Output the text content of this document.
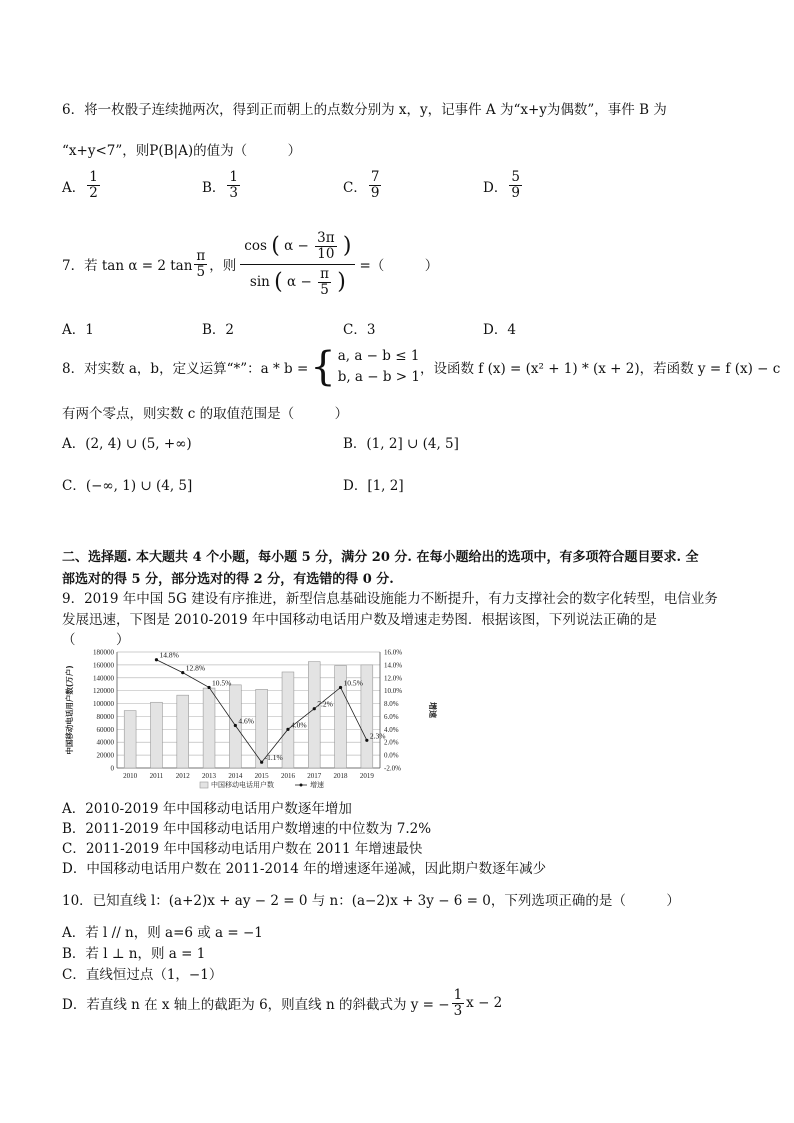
6．将一枚骰子连续抛两次，得到正而朝上的点数分别为 x，y，记事件 A 为“x+y为偶数”，事件 B 为
“x+y<7”，则P(B|A)的值为（　　　）
A． $\frac{1}{2}$	B． $\frac{1}{3}$	C． $\frac{7}{9}$	D． $\frac{5}{9}$
7．若 tan α = 2 $\tan \frac{\pi}{5}$ ，则
cos ( $\alpha - \frac{3\pi}{10}$ )
sin ( $\alpha - \frac{\pi}{5}$ )
=（　　　）
A．1	B．2	C．3	D．4
8．对实数 a，b，定义运算“*”：a * b = { a, a − b ≤ 1
b, a − b > 1 ，设函数 f (x) = (x² + 1) * (x + 2)，若函数 y = f (x) − c
有两个零点，则实数 c 的取值范围是（　　　）
A．(2, 4) ∪ (5, +∞)	B．(1, 2] ∪ (4, 5]
C．(−∞, 1) ∪ (4, 5]	D．[1, 2]
二、选择题. 本大题共 4 个小题，每小题 5 分，满分 20 分. 在每小题给出的选项中，有多项符合题目要求. 全
部选对的得 5 分，部分选对的得 2 分，有选错的得 0 分.
9．2019 年中国 5G 建设有序推进，新型信息基础设施能力不断提升，有力支撑社会的数字化转型，电信业务
发展迅速，下图是 2010-2019 年中国移动电话用户数及增速走势图．根据该图，下列说法正确的是
（　　　）
0
20000
40000
60000
80000
100000
120000
140000
160000
180000
-2.0%
0.0%
2.0%
4.0%
6.0%
8.0%
10.0%
12.0%
14.0%
16.0%
2010 2011 2012 2013 2014 2015 2016 2017 2018 2019
14.8%
12.8%
10.5%
4.6%
-1.1%
4.0%
7.2%
10.5%
2.3%
中国移动电话用户数(万户)	增速
中国移动电话用户数	增速
A．2010-2019 年中国移动电话用户数逐年增加
B．2011-2019 年中国移动电话用户数增速的中位数为 7.2%
C．2011-2019 年中国移动电话用户数在 2011 年增速最快
D．中国移动电话用户数在 2011-2014 年的增速逐年递减，因此期户数逐年减少
10．已知直线 l：(a+2)x + ay − 2 = 0 与 n：(a−2)x + 3y − 6 = 0，下列选项正确的是（　　　）
A．若 l // n，则 a=6 或 a = −1
B．若 l ⊥ n，则 a = 1
C．直线恒过点（1，−1）
D．若直线 n 在 x 轴上的截距为 6，则直线 n 的斜截式为 y = − $\frac{1}{3}$ x − 2
